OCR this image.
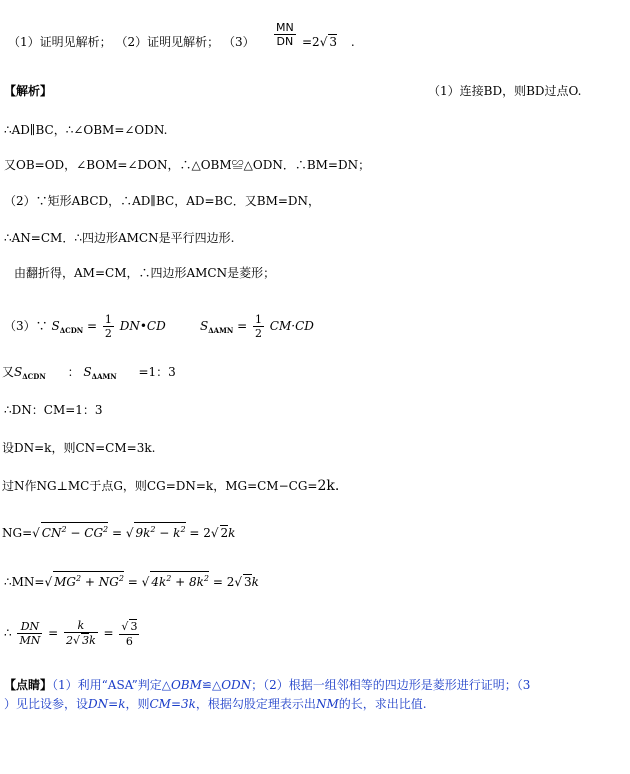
（1）证明见解析； （2）证明见解析； $(3) \frac{MN}{DN} =2√$ 3 .
【解析】	（1）连接BD，则BD过点O.
∴AD∥BC，∴∠OBM=∠ODN.
又OB=OD，∠BOM=∠DON，∴△OBM≌△ODN．∴BM=DN；
（2）∵矩形ABCD，∴AD∥BC，AD=BC．又BM=DN，
∴AN=CM．∴四边形AMCN是平行四边形.
由翻折得，AM=CM，∴四边形AMCN是菱形；
（3）∵ $S_{\Delta CDN} = \frac{1}{2}$ DN•CD	$S_{\Delta AMN} = \frac{1}{2} CM\cdot CD$
又$S_{\Delta CDN}$ ： $S_{\Delta AMN} =1$：3
∴DN：CM=1：3
设DN=k，则CN=CM=3k.
过N作NG⊥MC于点G，则CG=DN=k，MG=CM−CG=2k.
NG=√ $CN^2 - CG^2$ = √ $9k^2 - k^2 = 2√$ 2k
∴MN=√ $MG^2 + NG^2$ = √ $4k^2 + 8k^2 = 2√$ 3k
∴ $\frac{DN}{MN} = \frac{k}{2√ 3k} = \frac{√ 3}{6}$
【点睛】（1）利用“ASA”判定△OBM≌△ODN；（2）根据一组邻相等的四边形是菱形进行证明；（3
）见比设参，设DN=k，则CM=3k，根据勾股定理表示出NM的长，求出比值.
